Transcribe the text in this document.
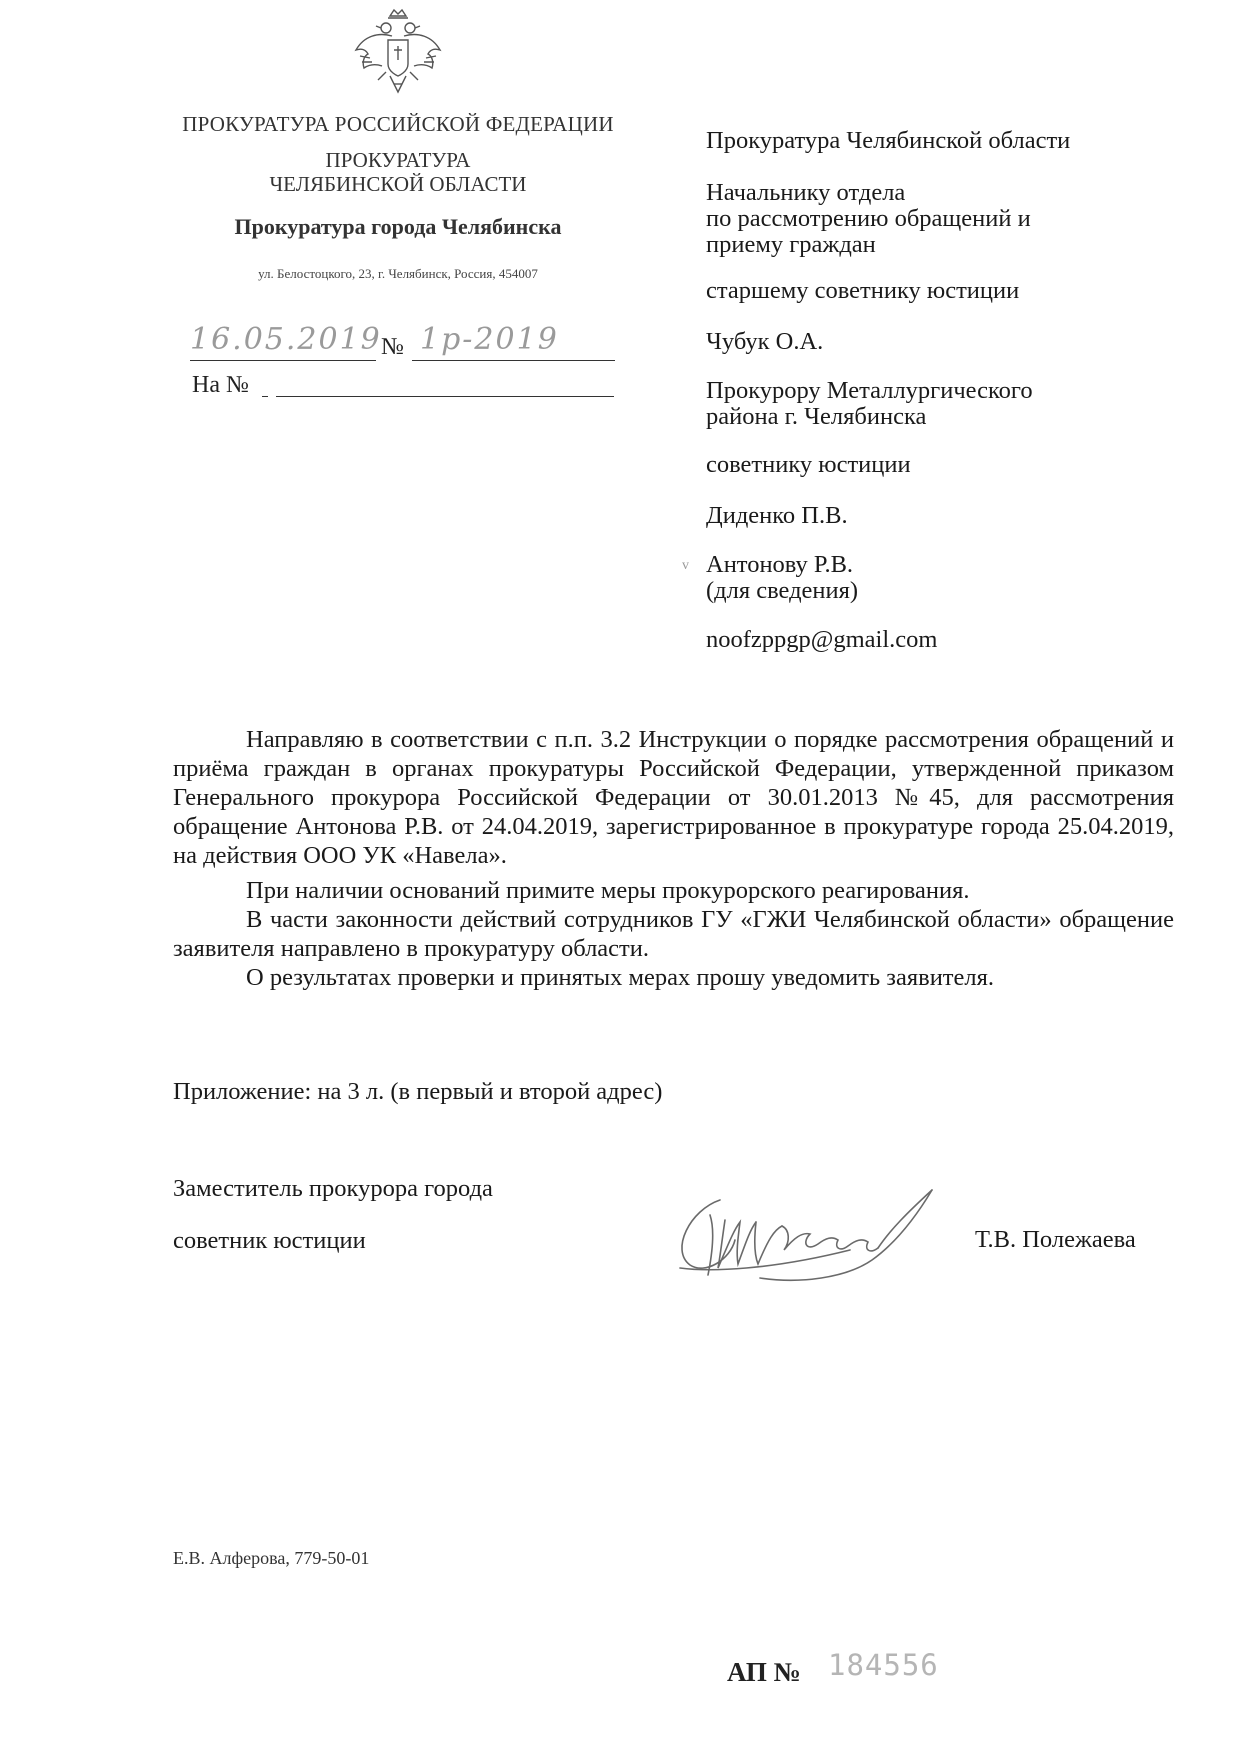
ПРОКУРАТУРА РОССИЙСКОЙ ФЕДЕРАЦИИ
ПРОКУРАТУРА
ЧЕЛЯБИНСКОЙ ОБЛАСТИ
Прокуратура города Челябинска
ул. Белостоцкого, 23, г. Челябинск, Россия, 454007
16.05.2019 № 1р-2019
На №
Прокуратура Челябинской области
Начальнику отдела
по рассмотрению обращений и
приему граждан
старшему советнику юстиции
Чубук О.А.
Прокурору Металлургического
района г. Челябинска
советнику юстиции
Диденко П.В.
v Антонову Р.В.
(для сведения)
noofzppgp@gmail.com

Направляю в соответствии с п.п. 3.2 Инструкции о порядке рассмотрения обращений и приёма граждан в органах прокуратуры Российской Федерации, утвержденной приказом Генерального прокурора Российской Федерации от 30.01.2013 №45, для рассмотрения обращение Антонова Р.В. от 24.04.2019, зарегистрированное в прокуратуре города 25.04.2019, на действия ООО УК «Навела».

При наличии оснований примите меры прокурорского реагирования.

В части законности действий сотрудников ГУ «ГЖИ Челябинской области» обращение заявителя направлено в прокуратуру области.

О результатах проверки и принятых мерах прошу уведомить заявителя.

Приложение: на 3 л. (в первый и второй адрес)
Заместитель прокурора города
советник юстиции	Т.В. Полежаева
Е.В. Алферова, 779-50-01
АП № 184556
